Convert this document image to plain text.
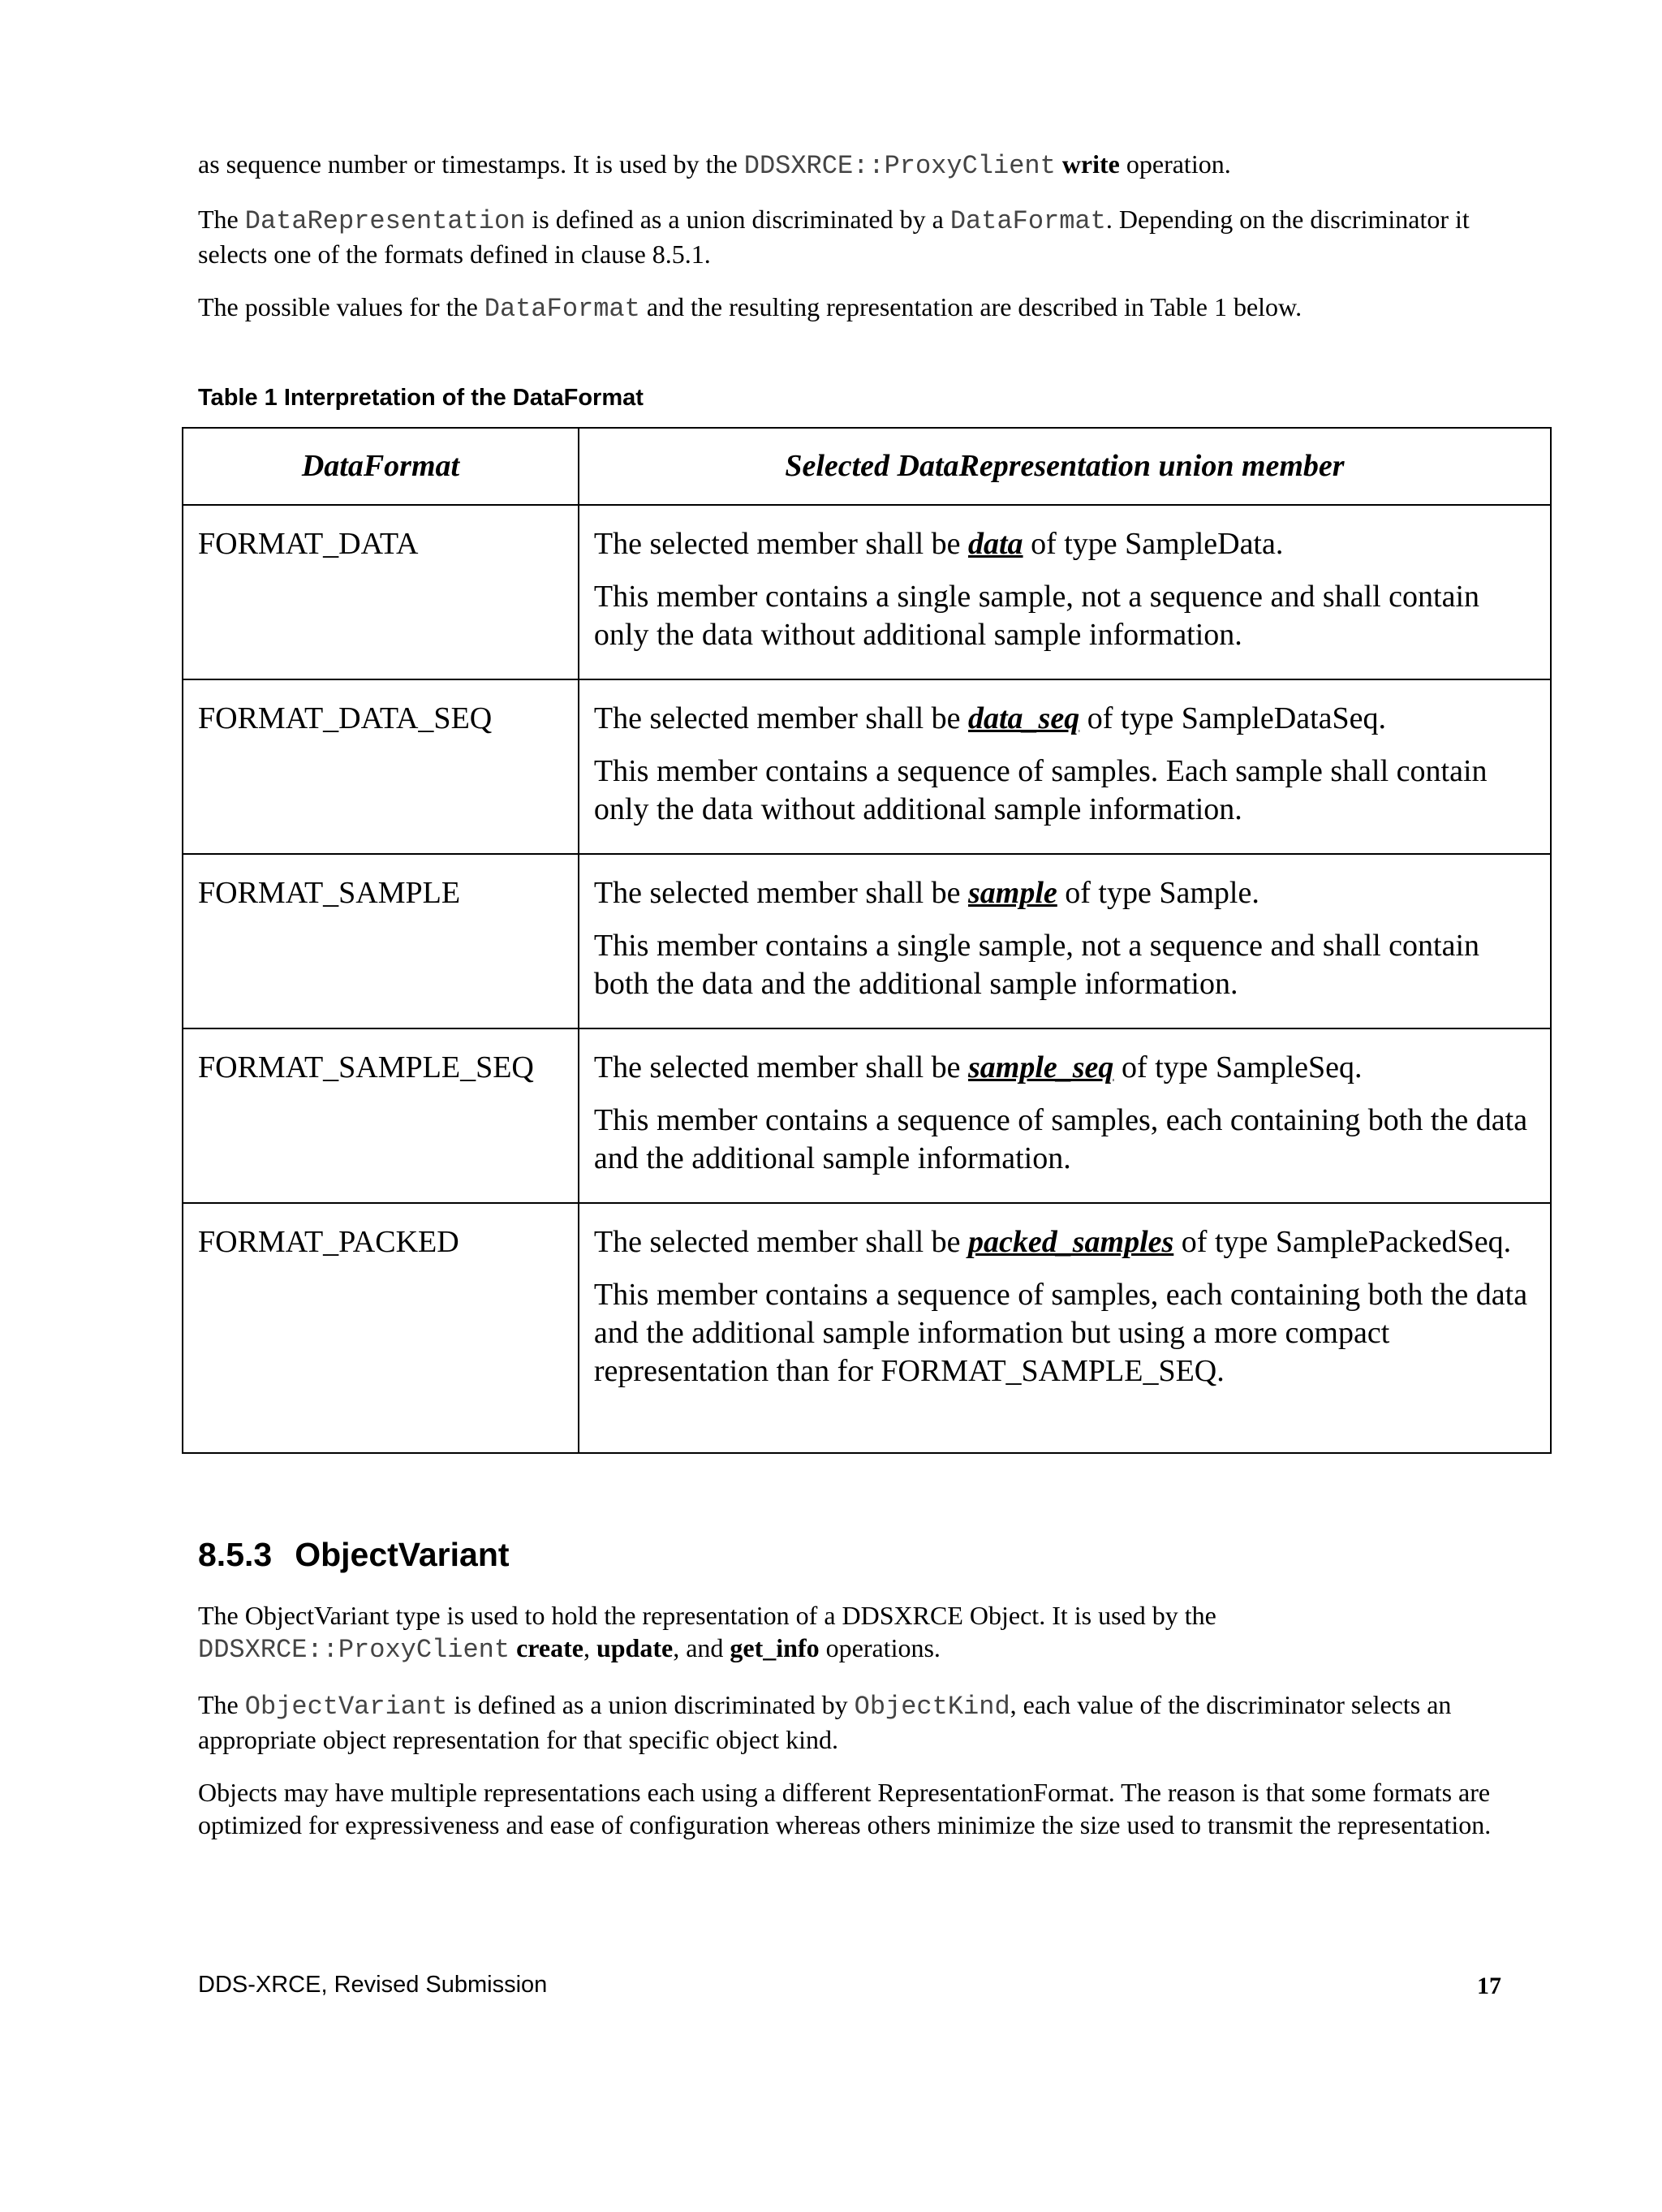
as sequence number or timestamps. It is used by the DDSXRCE::ProxyClient write operation.

The DataRepresentation is defined as a union discriminated by a DataFormat. Depending on the discriminator it selects one of the formats defined in clause 8.5.1.

The possible values for the DataFormat and the resulting representation are described in Table 1 below.

Table 1 Interpretation of the DataFormat

DataFormat	Selected DataRepresentation union member
FORMAT_DATA	The selected member shall be data of type SampleData.

This member contains a single sample, not a sequence and shall contain only the data without additional sample information.

FORMAT_DATA_SEQ	The selected member shall be data_seq of type SampleDataSeq.

This member contains a sequence of samples. Each sample shall contain only the data without additional sample information.

FORMAT_SAMPLE	The selected member shall be sample of type Sample.

This member contains a single sample, not a sequence and shall contain both the data and the additional sample information.

FORMAT_SAMPLE_SEQ	The selected member shall be sample_seq of type SampleSeq.

This member contains a sequence of samples, each containing both the data and the additional sample information.

FORMAT_PACKED	The selected member shall be packed_samples of type SamplePackedSeq.

This member contains a sequence of samples, each containing both the data and the additional sample information but using a more compact representation than for FORMAT_SAMPLE_SEQ.

8.5.3 ObjectVariant

The ObjectVariant type is used to hold the representation of a DDSXRCE Object. It is used by the
DDSXRCE::ProxyClient create, update, and get_info operations.

The ObjectVariant is defined as a union discriminated by ObjectKind, each value of the discriminator selects an appropriate object representation for that specific object kind.

Objects may have multiple representations each using a different RepresentationFormat. The reason is that some formats are optimized for expressiveness and ease of configuration whereas others minimize the size used to transmit the representation.

DDS-XRCE, Revised Submission	17
